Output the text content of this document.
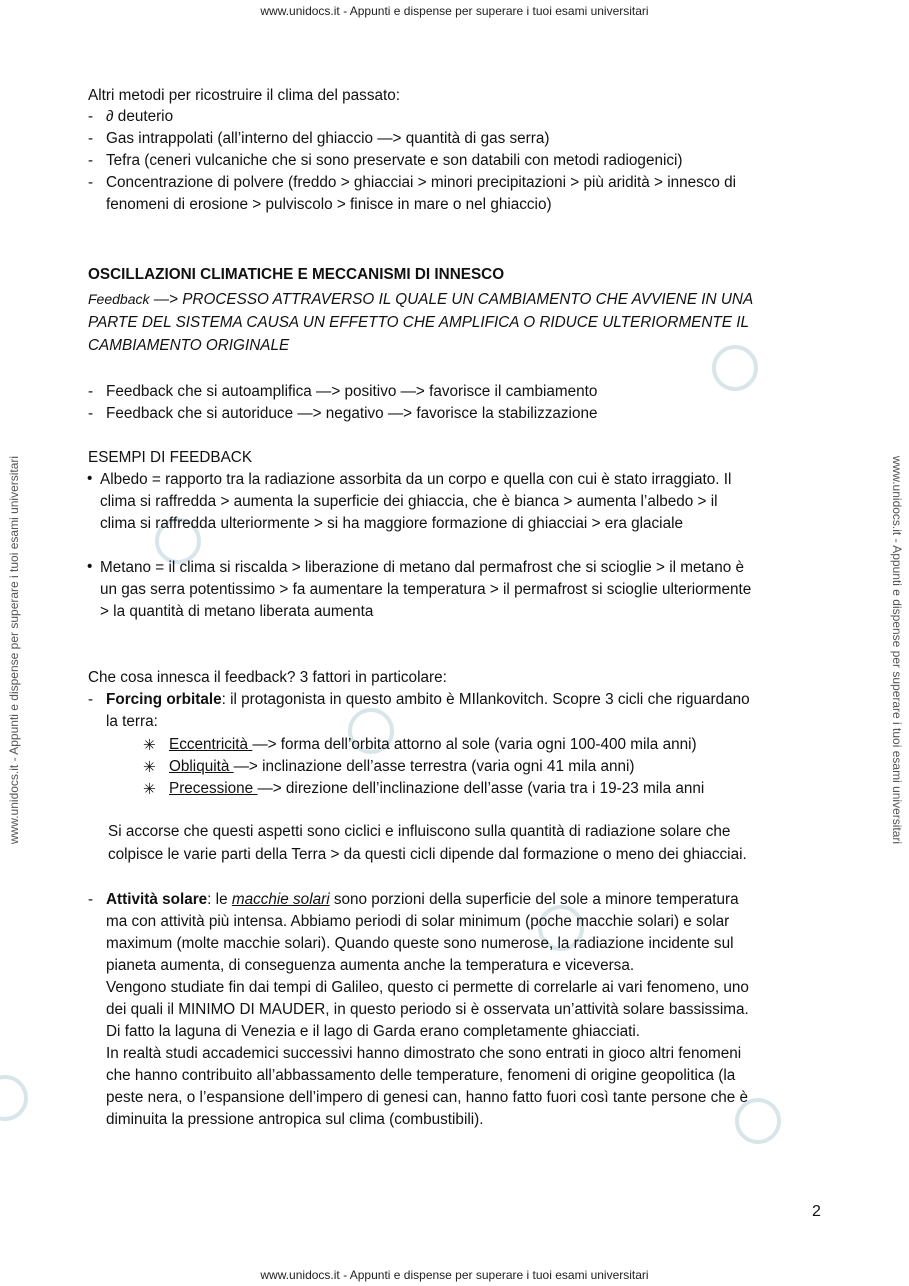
www.unidocs.it - Appunti e dispense per superare i tuoi esami universitari
www.unidocs.it - Appunti e dispense per superare i tuoi esami universitari
www.unidocs.it - Appunti e dispense per superare i tuoi esami universitari	www.unidocs.it - Appunti e dispense per superare i tuoi esami universitari
Altri metodi per ricostruire il clima del passato:
- ∂ deuterio
- Gas intrappolati (all’interno del ghiaccio —> quantità di gas serra)
- Tefra (ceneri vulcaniche che si sono preservate e son databili con metodi radiogenici)
- Concentrazione di polvere (freddo > ghiacciai > minori precipitazioni > più aridità > innesco di
fenomeni di erosione > pulviscolo > finisce in mare o nel ghiaccio)
OSCILLAZIONI CLIMATICHE E MECCANISMI DI INNESCO
Feedback —> PROCESSO ATTRAVERSO IL QUALE UN CAMBIAMENTO CHE AVVIENE IN UNA
PARTE DEL SISTEMA CAUSA UN EFFETTO CHE AMPLIFICA O RIDUCE ULTERIORMENTE IL
CAMBIAMENTO ORIGINALE
- Feedback che si autoamplifica —> positivo —> favorisce il cambiamento
- Feedback che si autoriduce —> negativo —> favorisce la stabilizzazione
ESEMPI DI FEEDBACK
• Albedo = rapporto tra la radiazione assorbita da un corpo e quella con cui è stato irraggiato. Il
clima si raffredda > aumenta la superficie dei ghiaccia, che è bianca > aumenta l’albedo > il
clima si raffredda ulteriormente > si ha maggiore formazione di ghiacciai > era glaciale
• Metano = il clima si riscalda > liberazione di metano dal permafrost che si scioglie > il metano è
un gas serra potentissimo > fa aumentare la temperatura > il permafrost si scioglie ulteriormente
> la quantità di metano liberata aumenta
Che cosa innesca il feedback? 3 fattori in particolare:
- Forcing orbitale: il protagonista in questo ambito è MIlankovitch. Scopre 3 cicli che riguardano
la terra:
✳ Eccentricità —> forma dell’orbita attorno al sole (varia ogni 100-400 mila anni)
✳ Obliquità —> inclinazione dell’asse terrestra (varia ogni 41 mila anni)
✳ Precessione —> direzione dell’inclinazione dell’asse (varia tra i 19-23 mila anni
Si accorse che questi aspetti sono ciclici e influiscono sulla quantità di radiazione solare che
colpisce le varie parti della Terra > da questi cicli dipende dal formazione o meno dei ghiacciai.
- Attività solare: le macchie solari sono porzioni della superficie del sole a minore temperatura
ma con attività più intensa. Abbiamo periodi di solar minimum (poche macchie solari) e solar
maximum (molte macchie solari). Quando queste sono numerose, la radiazione incidente sul
pianeta aumenta, di conseguenza aumenta anche la temperatura e viceversa.
Vengono studiate fin dai tempi di Galileo, questo ci permette di correlarle ai vari fenomeno, uno
dei quali il MINIMO DI MAUDER, in questo periodo si è osservata un’attività solare bassissima.
Di fatto la laguna di Venezia e il lago di Garda erano completamente ghiacciati.
In realtà studi accademici successivi hanno dimostrato che sono entrati in gioco altri fenomeni
che hanno contribuito all’abbassamento delle temperature, fenomeni di origine geopolitica (la
peste nera, o l’espansione dell’impero di genesi can, hanno fatto fuori così tante persone che è
diminuita la pressione antropica sul clima (combustibili).
2
